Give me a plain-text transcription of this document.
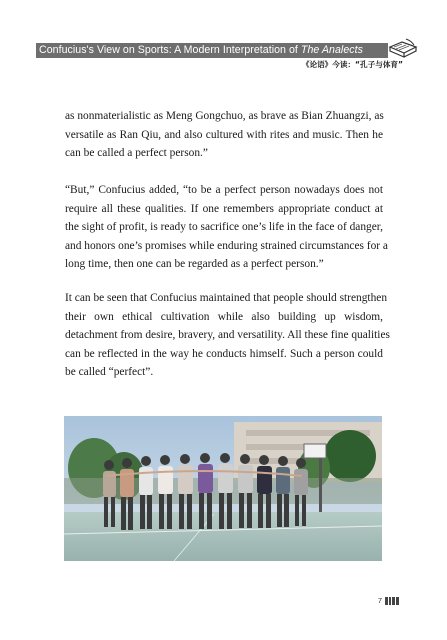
Confucius's View on Sports: A Modern Interpretation of The Analects
《论语》今读：“孔子与体育”
as nonmaterialistic as Meng Gongchuo, as brave as Bian Zhuangzi, as
versatile as Ran Qiu, and also cultured with rites and music. Then he
can be called a perfect person.”
“But,” Confucius added, “to be a perfect person nowadays does not
require all these qualities. If one remembers appropriate conduct at
the sight of profit, is ready to sacrifice one’s life in the face of danger,
and honors one’s promises while enduring strained circumstances for a
long time, then one can be regarded as a perfect person.”
It can be seen that Confucius maintained that people should strengthen
their own ethical cultivation while also building up wisdom,
detachment from desire, bravery, and versatility. All these fine qualities
can be reflected in the way he conducts himself. Such a person could
be called “perfect”.
7
